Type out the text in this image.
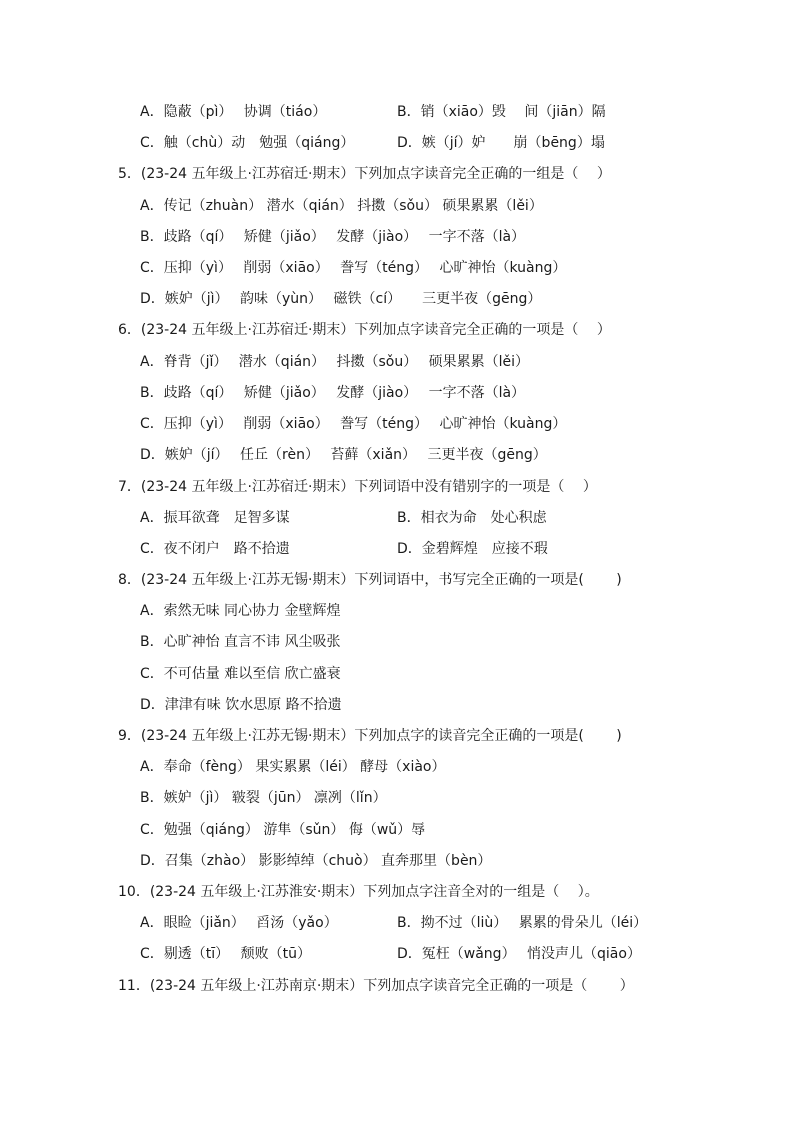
A．隐蔽（pì）　 协调（tiáo）	B．销（xiāo）毁　 间（jiān）隔
C．触（chù）动　勉强（qiáng）	D．嫉（jí）妒　　崩（bēng）塌
5．(23-24 五年级上·江苏宿迁·期末）下列加点字读音完全正确的一组是（　 ）
A．传记（zhuàn） 潜水（qián） 抖擞（sǒu） 硕果累累（lěi）
B．歧路（qí）　 矫健（jiǎo）　 发酵（jiào）　 一字不落（là）
C．压抑（yì）　 削弱（xiāo）　 誊写（téng）　 心旷神怡（kuàng）
D．嫉妒（jì）　 韵味（yùn）　 磁铁（cí）　　三更半夜（gēng）
6．(23-24 五年级上·江苏宿迁·期末）下列加点字读音完全正确的一项是（　 ）
A．脊背（jǐ）　 潜水（qián）　 抖擞（sǒu）　 硕果累累（lěi）
B．歧路（qí）　 矫健（jiǎo）　 发酵（jiào）　 一字不落（là）
C．压抑（yì）　 削弱（xiāo）　 誊写（téng）　 心旷神怡（kuàng）
D．嫉妒（jí）　 任丘（rèn）　 苔藓（xiǎn）　 三更半夜（gēng）
7．(23-24 五年级上·江苏宿迁·期末）下列词语中没有错别字的一项是（　 ）
A．振耳欲聋　足智多谋	B．相衣为命　处心积虑
C．夜不闭户　路不拾遗	D．金碧辉煌　应接不瑕
8．(23-24 五年级上·江苏无锡·期末）下列词语中，书写完全正确的一项是(　　 )
A．索然无味 同心协力 金壁辉煌
B．心旷神怡 直言不讳 风尘吸张
C．不可估量 难以至信 欣亡盛衰
D．津津有味 饮水思原 路不拾遗
9．(23-24 五年级上·江苏无锡·期末）下列加点字的读音完全正确的一项是(　　 )
A．奉命（fèng） 果实累累（léi） 酵母（xiào）
B．嫉妒（jì） 皲裂（jūn） 凛冽（lǐn）
C．勉强（qiáng） 游隼（sǔn） 侮（wǔ）辱
D．召集（zhào） 影影绰绰（chuò） 直奔那里（bèn）
10．(23-24 五年级上·江苏淮安·期末）下列加点字注音全对的一组是（　 ）。
A．眼睑（jiǎn）　 舀汤（yǎo）	B．拗不过（liù）　 累累的骨朵儿（léi）
C．剔透（tī）　 颓败（tū）	D．冤枉（wǎng）　 悄没声儿（qiāo）
11．(23-24 五年级上·江苏南京·期末）下列加点字读音完全正确的一项是（　　 ）
